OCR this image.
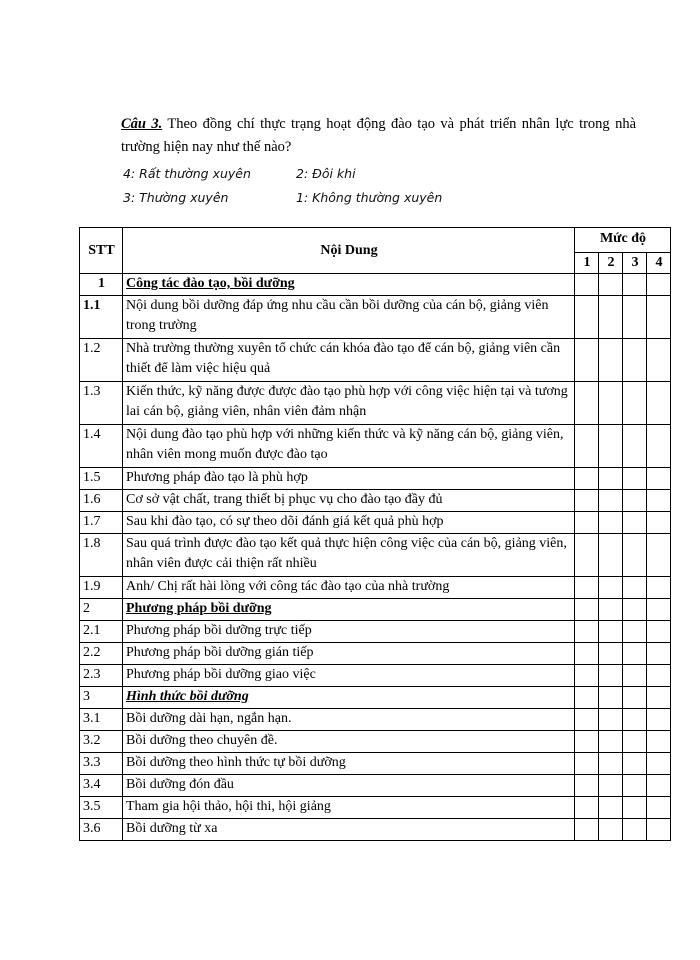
Câu 3. Theo đồng chí thực trạng hoạt động đào tạo và phát triển nhân lực trong nhà trường hiện nay như thế nào?
4: Rất thường xuyên	2: Đôi khi
3: Thường xuyên	1: Không thường xuyên
STT	Nội Dung	Mức độ			
		1	2	3	4
1	Công tác đào tạo, bồi dưỡng				
1.1	Nội dung bồi dưỡng đáp ứng nhu cầu cần bồi dưỡng của cán bộ, giảng viên trong trường				
1.2	Nhà trường thường xuyên tổ chức cán khóa đào tạo để cán bộ, giảng viên cần thiết để làm việc hiệu quả				
1.3	Kiến thức, kỹ năng được được đào tạo phù hợp với công việc hiện tại và tương lai cán bộ, giảng viên, nhân viên đảm nhận				
1.4	Nội dung đào tạo phù hợp với những kiến thức và kỹ năng cán bộ, giảng viên, nhân viên mong muốn được đào tạo				
1.5	Phương pháp đào tạo là phù hợp				
1.6	Cơ sở vật chất, trang thiết bị phục vụ cho đào tạo đầy đủ				
1.7	Sau khi đào tạo, có sự theo dõi đánh giá kết quả phù hợp				
1.8	Sau quá trình được đào tạo kết quả thực hiện công việc của cán bộ, giảng viên, nhân viên được cải thiện rất nhiều				
1.9	Anh/ Chị rất hài lòng với công tác đào tạo của nhà trường				
2	Phương pháp bồi dưỡng				
2.1	Phương pháp bồi dưỡng trực tiếp				
2.2	Phương pháp bồi dưỡng gián tiếp				
2.3	Phương pháp bồi dưỡng giao việc				
3	Hình thức bồi dưỡng				
3.1	Bồi dưỡng dài hạn, ngắn hạn.				
3.2	Bồi dưỡng theo chuyên đề.				
3.3	Bồi dưỡng theo hình thức tự bồi dưỡng				
3.4	Bồi dưỡng đón đầu				
3.5	Tham gia hội thảo, hội thi, hội giảng				
3.6	Bồi dưỡng từ xa				
